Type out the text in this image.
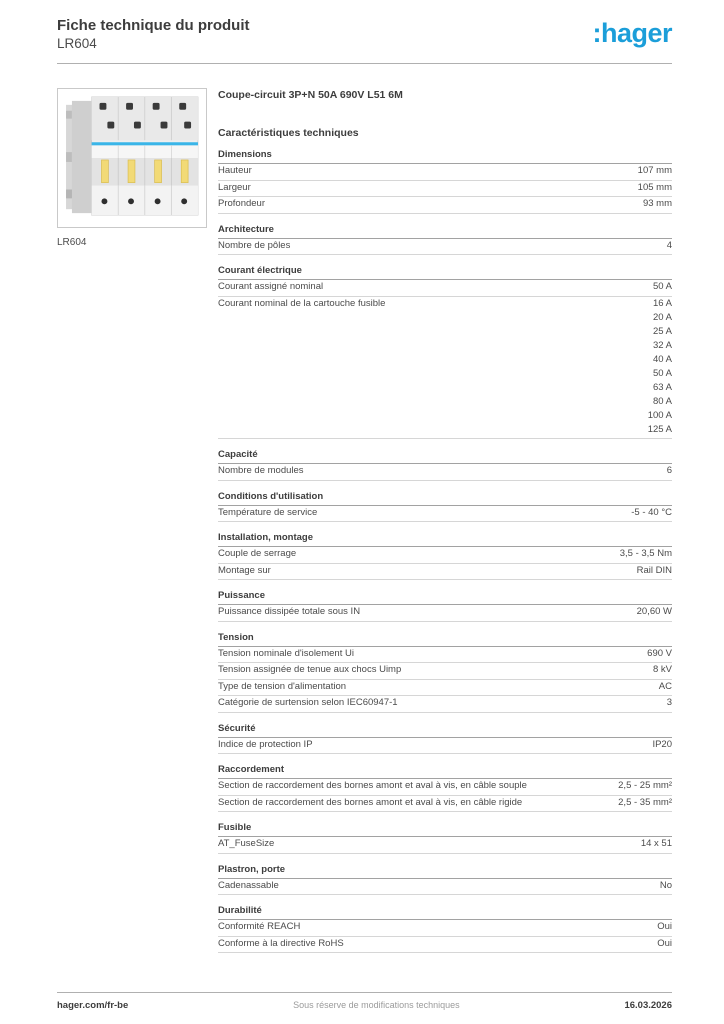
Fiche technique du produit
LR604	:hager
LR604
Coupe-circuit 3P+N 50A 690V L51 6M
Caractéristiques techniques
Dimensions
Hauteur	107 mm
Largeur	105 mm
Profondeur	93 mm
Architecture
Nombre de pôles	4
Courant électrique
Courant assigné nominal	50 A
Courant nominal de la cartouche fusible	16 A
20 A
25 A
32 A
40 A
50 A
63 A
80 A
100 A
125 A
Capacité
Nombre de modules	6
Conditions d'utilisation
Température de service	-5 - 40 °C
Installation, montage
Couple de serrage	3,5 - 3,5 Nm
Montage sur	Rail DIN
Puissance
Puissance dissipée totale sous IN	20,60 W
Tension
Tension nominale d'isolement Ui	690 V
Tension assignée de tenue aux chocs Uimp	8 kV
Type de tension d'alimentation	AC
Catégorie de surtension selon IEC60947-1	3
Sécurité
Indice de protection IP	IP20
Raccordement
Section de raccordement des bornes amont et aval à vis, en câble souple	2,5 - 25 mm²
Section de raccordement des bornes amont et aval à vis, en câble rigide	2,5 - 35 mm²
Fusible
AT_FuseSize	14 x 51
Plastron, porte
Cadenassable	No
Durabilité
Conformité REACH	Oui
Conforme à la directive RoHS	Oui
hager.com/fr-be	Sous réserve de modifications techniques	16.03.2026
